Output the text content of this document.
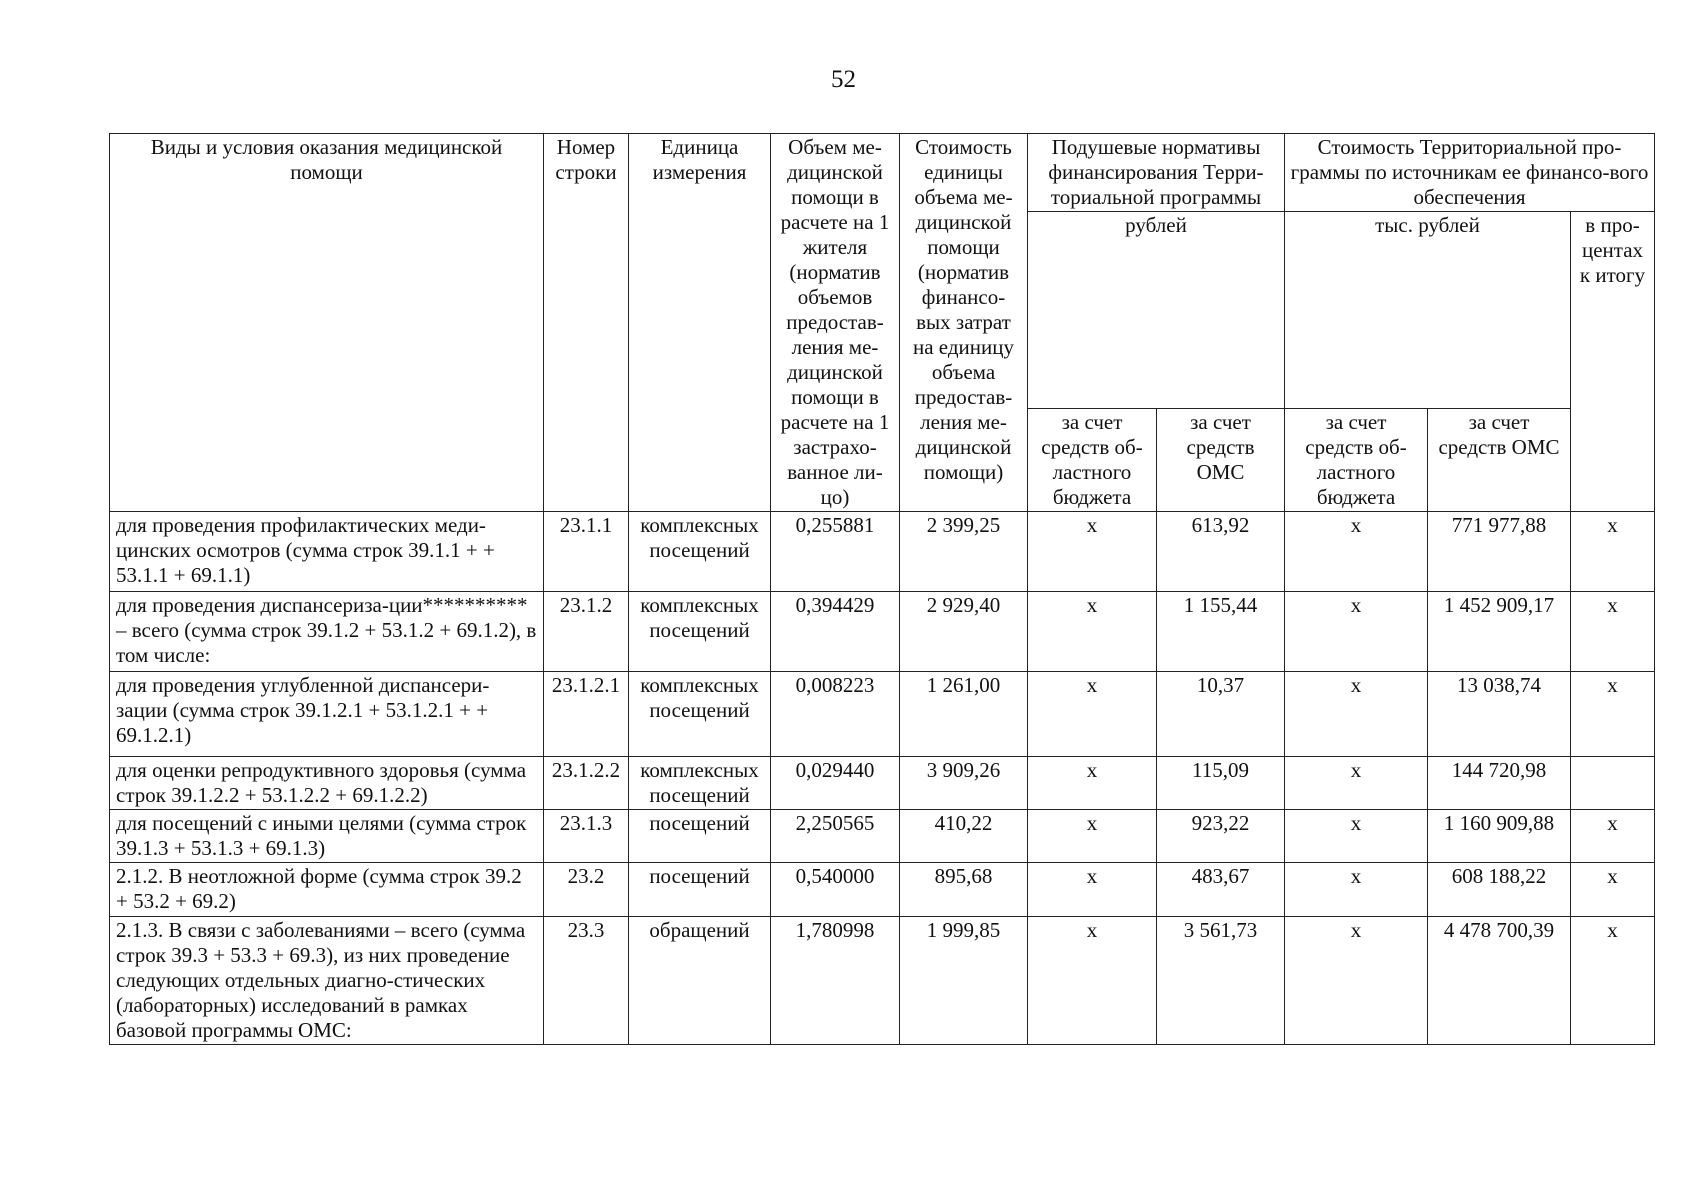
52
Виды и условия оказания медицинской помощи	Номер строки	Единица измерения	Объем ме-дицинской помощи в расчете на 1 жителя (норматив объемов предостав-ления ме-дицинской помощи в расчете на 1 застрахо-ванное ли-цо)	Стоимость единицы объема ме-дицинской помощи (норматив финансо-вых затрат на единицу объема предостав-ления ме-дицинской помощи)	Подушевые нормативы финансирования Терри-ториальной программы		Стоимость Территориальной про-граммы по источникам ее финансо-вого обеспечения		
					рублей		тыс. рублей		в про-центах к итогу
					за счет средств об-ластного бюджета	за счет средств ОМС	за счет средств об-ластного бюджета	за счет средств ОМС	
для проведения профилактических меди-цинских осмотров (сумма строк 39.1.1 + + 53.1.1 + 69.1.1)	23.1.1	комплексных посещений	0,255881	2 399,25	х	613,92	х	771 977,88	х
для проведения диспансериза-ции********** – всего (сумма строк 39.1.2 + 53.1.2 + 69.1.2), в том числе:	23.1.2	комплексных посещений	0,394429	2 929,40	х	1 155,44	х	1 452 909,17	х
для проведения углубленной диспансери-зации (сумма строк 39.1.2.1 + 53.1.2.1 + + 69.1.2.1)	23.1.2.1	комплексных посещений	0,008223	1 261,00	х	10,37	х	13 038,74	х
для оценки репродуктивного здоровья (сумма строк 39.1.2.2 + 53.1.2.2 + 69.1.2.2)	23.1.2.2	комплексных посещений	0,029440	3 909,26	х	115,09	х	144 720,98	
для посещений с иными целями (сумма строк 39.1.3 + 53.1.3 + 69.1.3)	23.1.3	посещений	2,250565	410,22	х	923,22	х	1 160 909,88	х
2.1.2. В неотложной форме (сумма строк 39.2 + 53.2 + 69.2)	23.2	посещений	0,540000	895,68	х	483,67	х	608 188,22	х
2.1.3. В связи с заболеваниями – всего (сумма строк 39.3 + 53.3 + 69.3), из них проведение следующих отдельных диагно-стических (лабораторных) исследований в рамках базовой программы ОМС:	23.3	обращений	1,780998	1 999,85	х	3 561,73	х	4 478 700,39	х
